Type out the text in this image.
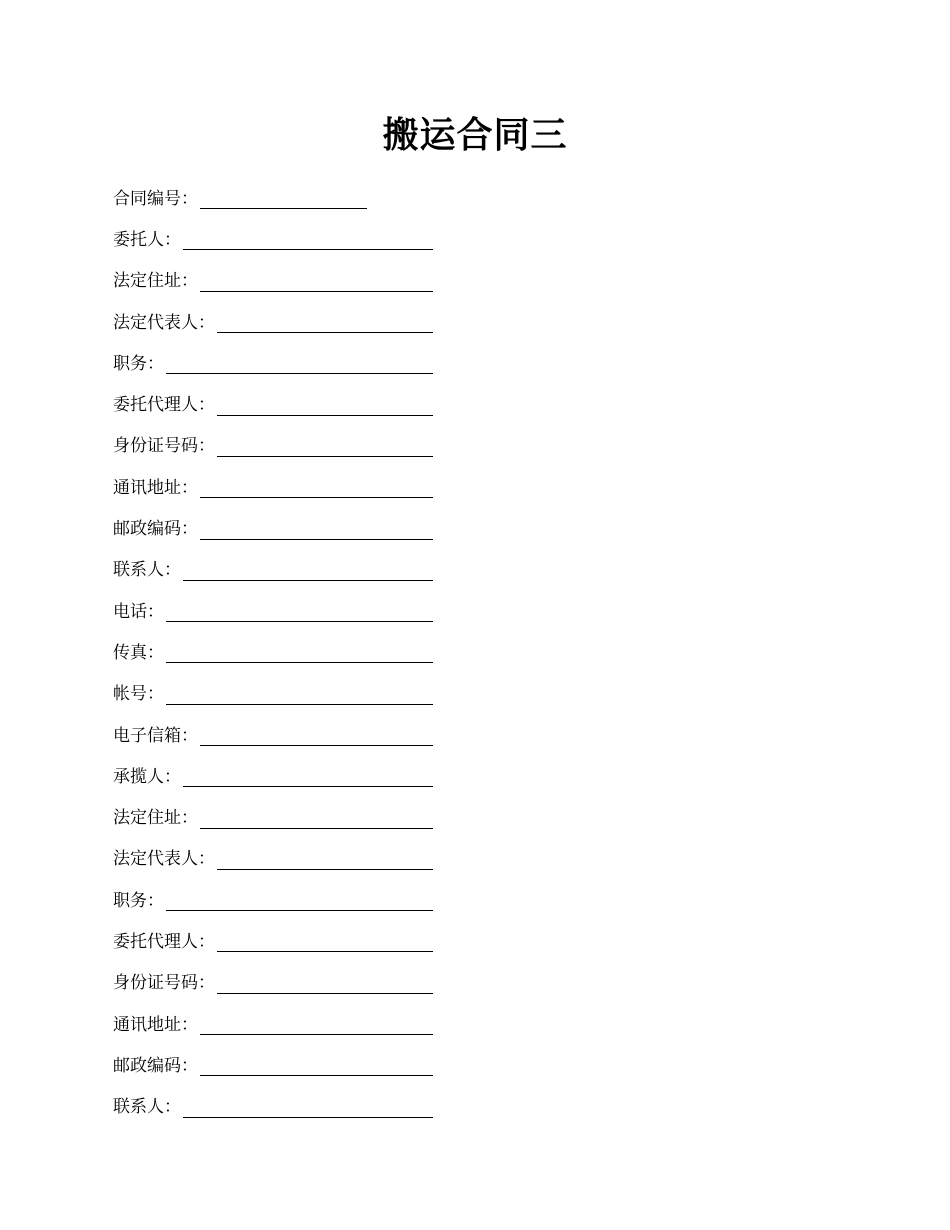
搬运合同三
合同编号：
委托人：
法定住址：
法定代表人：
职务：
委托代理人：
身份证号码：
通讯地址：
邮政编码：
联系人：
电话：
传真：
帐号：
电子信箱：
承揽人：
法定住址：
法定代表人：
职务：
委托代理人：
身份证号码：
通讯地址：
邮政编码：
联系人：
